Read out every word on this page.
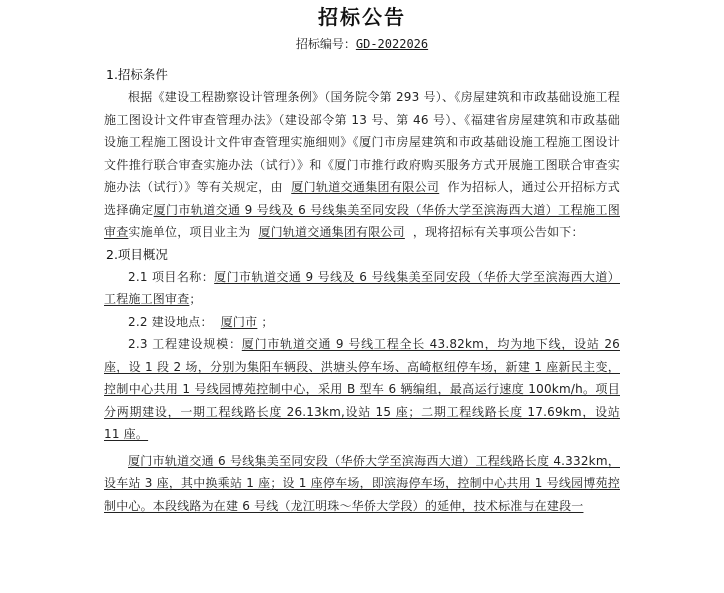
招标公告
招标编号：GD-2022026
1.招标条件

根据《建设工程勘察设计管理条例》（国务院令第 293 号）、《房屋建筑和市政基础设施工程施工图设计文件审查管理办法》（建设部令第 13 号、第 46 号）、《福建省房屋建筑和市政基础设施工程施工图设计文件审查管理实施细则》《厦门市房屋建筑和市政基础设施工程施工图设计文件推行联合审查实施办法（试行）》和《厦门市推行政府购买服务方式开展施工图联合审查实施办法（试行）》等有关规定，由 厦门轨道交通集团有限公司 作为招标人，通过公开招标方式选择确定厦门市轨道交通 9 号线及 6 号线集美至同安段（华侨大学至滨海西大道）工程施工图审查实施单位，项目业主为 厦门轨道交通集团有限公司 ，现将招标有关事项公告如下：

2.项目概况

2.1 项目名称：厦门市轨道交通 9 号线及 6 号线集美至同安段（华侨大学至滨海西大道）工程施工图审查；

2.2 建设地点： 厦门市 ；

2.3 工程建设规模：厦门市轨道交通 9 号线工程全长 43.82km，均为地下线，设站 26 座，设 1 段 2 场，分别为集阳车辆段、洪塘头停车场、高崎枢纽停车场，新建 1 座新民主变，控制中心共用 1 号线园博苑控制中心，采用 B 型车 6 辆编组，最高运行速度 100km/h。项目分两期建设，一期工程线路长度 26.13km,设站 15 座；二期工程线路长度 17.69km，设站 11 座。

厦门市轨道交通 6 号线集美至同安段（华侨大学至滨海西大道）工程线路长度 4.332km，设车站 3 座，其中换乘站 1 座；设 1 座停车场，即滨海停车场，控制中心共用 1 号线园博苑控制中心。本段线路为在建 6 号线（龙江明珠～华侨大学段）的延伸，技术标准与在建段一
